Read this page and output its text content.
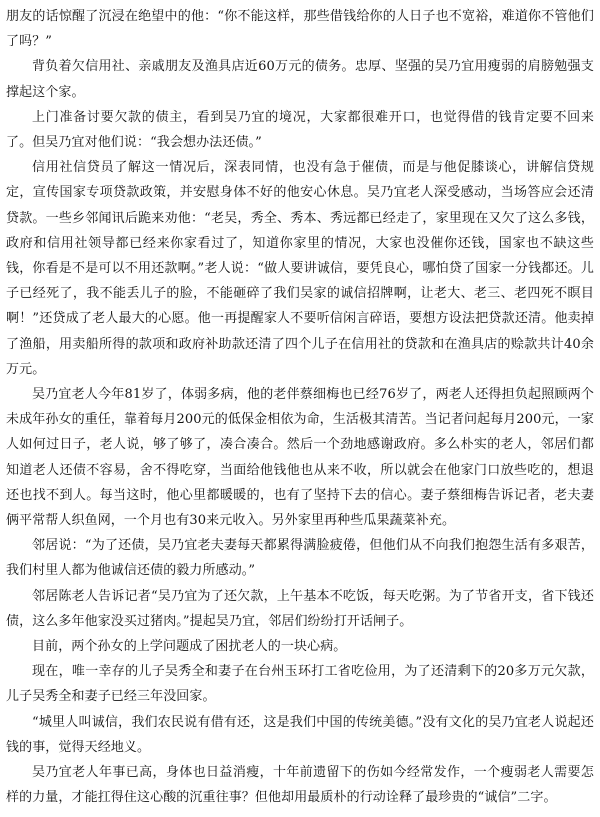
朋友的话惊醒了沉浸在绝望中的他：“你不能这样，那些借钱给你的人日子也不宽裕，难道你不管他们了吗？”

背负着欠信用社、亲戚朋友及渔具店近60万元的债务。忠厚、坚强的吴乃宜用瘦弱的肩膀勉强支撑起这个家。

上门准备讨要欠款的债主，看到吴乃宜的境况，大家都很难开口，也觉得借的钱肯定要不回来了。但吴乃宜对他们说：“我会想办法还债。”

信用社信贷员了解这一情况后，深表同情，也没有急于催债，而是与他促膝谈心，讲解信贷规定，宣传国家专项贷款政策，并安慰身体不好的他安心休息。吴乃宜老人深受感动，当场答应会还清贷款。一些乡邻闻讯后跪来劝他：“老吴，秀全、秀本、秀远都已经走了，家里现在又欠了这么多钱，政府和信用社领导都已经来你家看过了，知道你家里的情况，大家也没催你还钱，国家也不缺这些钱，你看是不是可以不用还款啊。”老人说：“做人要讲诚信，要凭良心，哪怕贷了国家一分钱都还。儿子已经死了，我不能丢儿子的脸，不能砸碎了我们吴家的诚信招牌啊，让老大、老三、老四死不瞑目啊！”还贷成了老人最大的心愿。他一再提醒家人不要听信闲言碎语，要想方设法把贷款还清。他卖掉了渔船，用卖船所得的款项和政府补助款还清了四个儿子在信用社的贷款和在渔具店的赊款共计40余万元。

吴乃宜老人今年81岁了，体弱多病，他的老伴蔡细梅也已经76岁了，两老人还得担负起照顾两个未成年孙女的重任，靠着每月200元的低保金相依为命，生活极其清苦。当记者问起每月200元，一家人如何过日子，老人说，够了够了，凑合凑合。然后一个劲地感谢政府。多么朴实的老人，邻居们都知道老人还债不容易，舍不得吃穿，当面给他钱他也从来不收，所以就会在他家门口放些吃的，想退还也找不到人。每当这时，他心里都暖暖的，也有了坚持下去的信心。妻子蔡细梅告诉记者，老夫妻俩平常帮人织鱼网，一个月也有30来元收入。另外家里再种些瓜果蔬菜补充。

邻居说：“为了还债，吴乃宜老夫妻每天都累得满脸疲倦，但他们从不向我们抱怨生活有多艰苦，我们村里人都为他诚信还债的毅力所感动。”

邻居陈老人告诉记者“吴乃宜为了还欠款，上午基本不吃饭，每天吃粥。为了节省开支，省下钱还债，这么多年他家没买过猪肉。”提起吴乃宜，邻居们纷纷打开话闸子。

目前，两个孙女的上学问题成了困扰老人的一块心病。

现在，唯一幸存的儿子吴秀全和妻子在台州玉环打工省吃俭用，为了还清剩下的20多万元欠款，儿子吴秀全和妻子已经三年没回家。

“城里人叫诚信，我们农民说有借有还，这是我们中国的传统美德。”没有文化的吴乃宜老人说起还钱的事，觉得天经地义。

吴乃宜老人年事已高，身体也日益消瘦，十年前遗留下的伤如今经常发作，一个瘦弱老人需要怎样的力量，才能扛得住这心酸的沉重往事？但他却用最质朴的行动诠释了最珍贵的“诚信”二字。
